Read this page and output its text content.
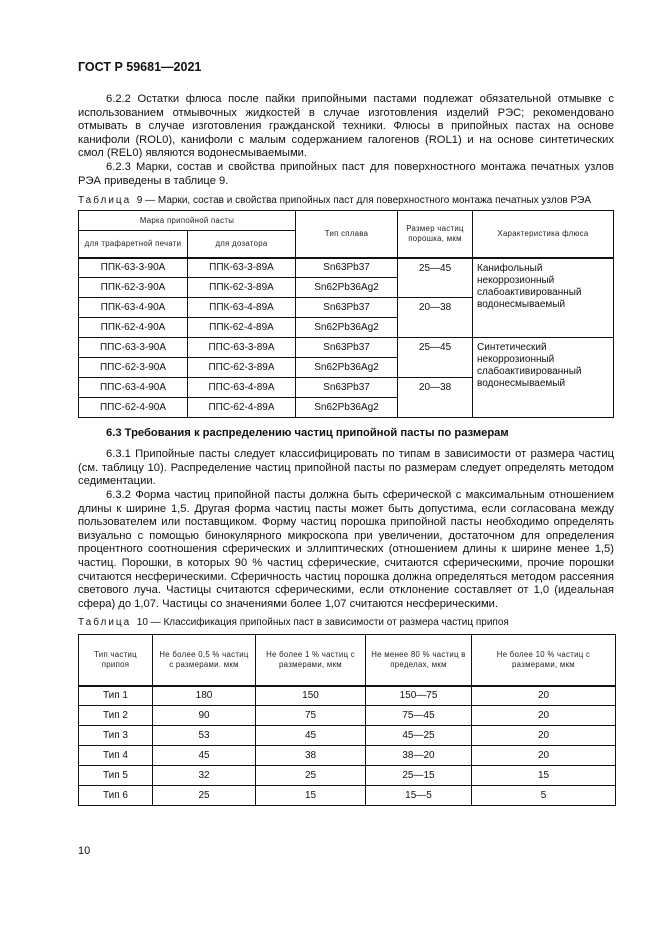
ГОСТ Р 59681—2021

6.2.2 Остатки флюса после пайки припойными пастами подлежат обязательной отмывке с использованием отмывочных жидкостей в случае изготовления изделий РЭС; рекомендовано отмывать в случае изготовления гражданской техники. Флюсы в припойных пастах на основе канифоли (ROL0), канифоли с малым содержанием галогенов (ROL1) и на основе синтетических смол (REL0) являются водонесмываемыми.

6.2.3 Марки, состав и свойства припойных паст для поверхностного монтажа печатных узлов РЭА приведены в таблице 9.

Таблица 9 — Марки, состав и свойства припойных паст для поверхностного монтажа печатных узлов РЭА
Марка припойной пасты		Тип сплава	Размер частиц порошка, мкм	Характеристика флюса
для трафаретной печати	для дозатора			
ППК-63-3-90А	ППК-63-3-89А	Sn63Pb37	25—45	Канифольный некоррозионный слабоактивированный водонесмываемый
ППК-62-3-90А	ППК-62-3-89А	Sn62Pb36Ag2		
ППК-63-4-90А	ППК-63-4-89А	Sn63Pb37	20—38	
ППК-62-4-90А	ППК-62-4-89А	Sn62Pb36Ag2		
ППС-63-3-90А	ППС-63-3-89А	Sn63Pb37	25—45	Синтетический некоррозионный слабоактивированный водонесмываемый
ППС-62-3-90А	ППС-62-3-89А	Sn62Pb36Ag2		
ППС-63-4-90А	ППС-63-4-89А	Sn63Pb37	20—38	
ППС-62-4-90А	ППС-62-4-89А	Sn62Pb36Ag2		
6.3 Требования к распределению частиц припойной пасты по размерам

6.3.1 Припойные пасты следует классифицировать по типам в зависимости от размера частиц (см. таблицу 10). Распределение частиц припойной пасты по размерам следует определять методом седиментации.

6.3.2 Форма частиц припойной пасты должна быть сферической с максимальным отношением длины к ширине 1,5. Другая форма частиц пасты может быть допустима, если согласована между пользователем или поставщиком. Форму частиц порошка припойной пасты необходимо определять визуально с помощью бинокулярного микроскопа при увеличении, достаточном для определения процентного соотношения сферических и эллиптических (отношением длины к ширине менее 1,5) частиц. Порошки, в которых 90 % частиц сферические, считаются сферическими, прочие порошки считаются несферическими. Сферичность частиц порошка должна определяться методом рассеяния светового луча. Частицы считаются сферическими, если отклонение составляет от 1,0 (идеальная сфера) до 1,07. Частицы со значениями более 1,07 считаются несферическими.

Таблица 10 — Классификация припойных паст в зависимости от размера частиц припоя
Тип частиц припоя	Не более 0,5 % частиц с размерами. мкм	Не более 1 % частиц с размерами, мкм	Не менее 80 % частиц в пределах, мкм	Не более 10 % частиц с размерами, мкм
Тип 1	180	150	150—75	20
Тип 2	90	75	75—45	20
Тип 3	53	45	45—25	20
Тип 4	45	38	38—20	20
Тип 5	32	25	25—15	15
Тип 6	25	15	15—5	5
10
